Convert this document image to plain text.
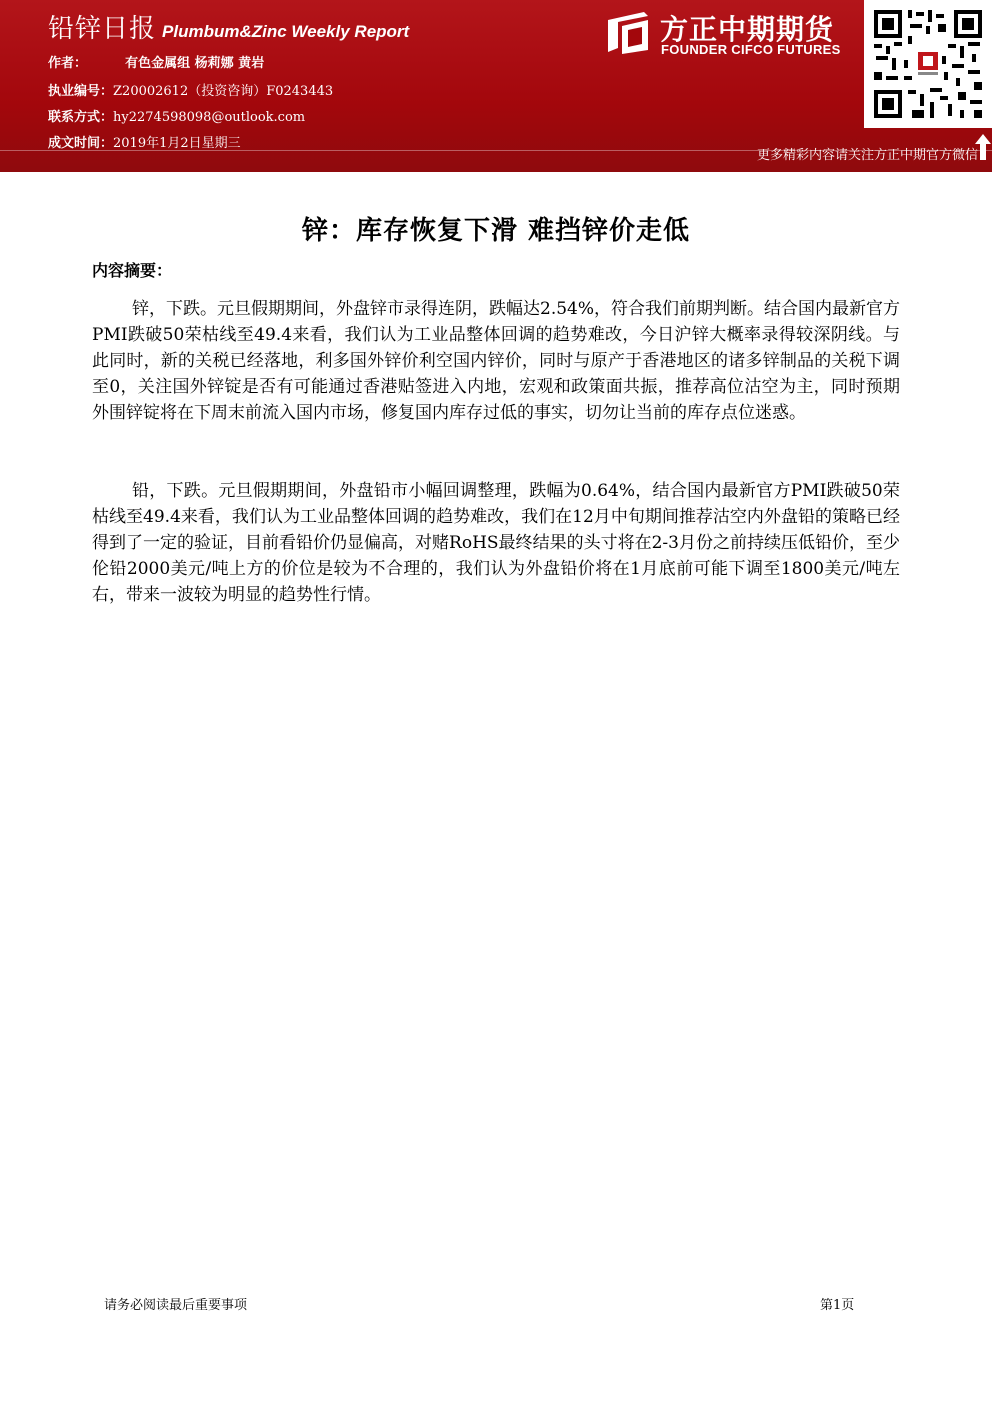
铅锌日报 Plumbum&Zinc Weekly Report
作者：	有色金属组 杨莉娜 黄岩
执业编号：Z20002612（投资咨询）F0243443
联系方式：hy2274598098@outlook.com
成文时间：2019年1月2日星期三
方正中期期货
FOUNDER CIFCO FUTURES
更多精彩内容请关注方正中期官方微信
锌：库存恢复下滑 难挡锌价走低
内容摘要：

锌，下跌。元旦假期期间，外盘锌市录得连阴，跌幅达2.54%，符合我们前期判断。结合国内最新官方PMI跌破50荣枯线至49.4来看，我们认为工业品整体回调的趋势难改，今日沪锌大概率录得较深阴线。与此同时，新的关税已经落地，利多国外锌价利空国内锌价，同时与原产于香港地区的诸多锌制品的关税下调至0，关注国外锌锭是否有可能通过香港贴签进入内地，宏观和政策面共振，推荐高位沽空为主，同时预期外围锌锭将在下周末前流入国内市场，修复国内库存过低的事实，切勿让当前的库存点位迷惑。

铅，下跌。元旦假期期间，外盘铅市小幅回调整理，跌幅为0.64%，结合国内最新官方PMI跌破50荣枯线至49.4来看，我们认为工业品整体回调的趋势难改，我们在12月中旬期间推荐沽空内外盘铅的策略已经得到了一定的验证，目前看铅价仍显偏高，对赌RoHS最终结果的头寸将在2-3月份之前持续压低铅价，至少伦铅2000美元/吨上方的价位是较为不合理的，我们认为外盘铅价将在1月底前可能下调至1800美元/吨左右，带来一波较为明显的趋势性行情。

请务必阅读最后重要事项	第1页
